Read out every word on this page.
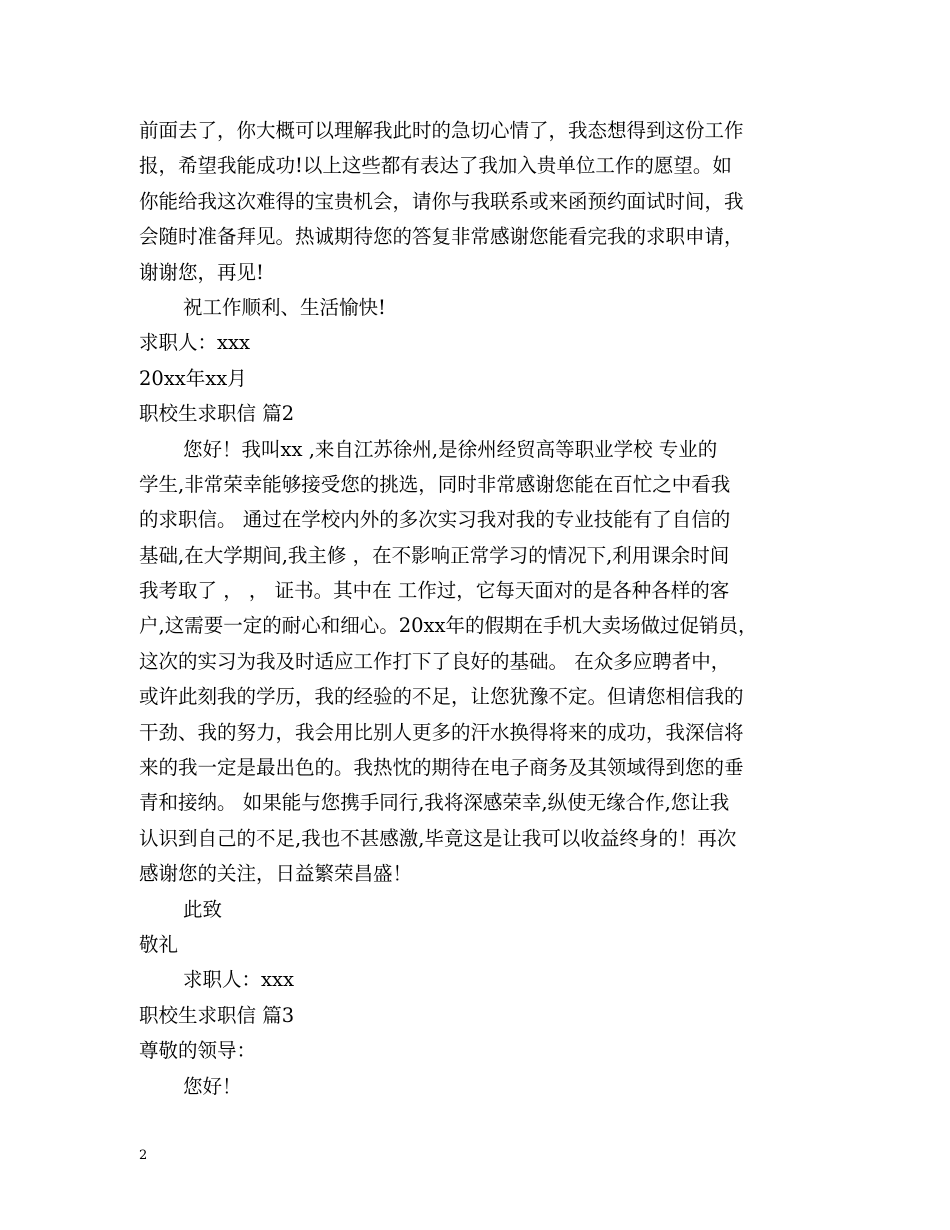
前面去了，你大概可以理解我此时的急切心情了，我态想得到这份工作
报，希望我能成功!以上这些都有表达了我加入贵单位工作的愿望。如
你能给我这次难得的宝贵机会，请你与我联系或来函预约面试时间，我
会随时准备拜见。热诚期待您的答复非常感谢您能看完我的求职申请，
谢谢您，再见!
祝工作顺利、生活愉快!
求职人：xxx
20xx年xx月
职校生求职信 篇2
您好！我叫xx ,来自江苏徐州,是徐州经贸高等职业学校 专业的
学生,非常荣幸能够接受您的挑选，同时非常感谢您能在百忙之中看我
的求职信。 通过在学校内外的多次实习我对我的专业技能有了自信的
基础,在大学期间,我主修 ，在不影响正常学习的情况下,利用课余时间
我考取了 ， ， 证书。其中在 工作过，它每天面对的是各种各样的客
户,这需要一定的耐心和细心。20xx年的假期在手机大卖场做过促销员，
这次的实习为我及时适应工作打下了良好的基础。 在众多应聘者中，
或许此刻我的学历，我的经验的不足，让您犹豫不定。但请您相信我的
干劲、我的努力，我会用比别人更多的汗水换得将来的成功，我深信将
来的我一定是最出色的。我热忱的期待在电子商务及其领域得到您的垂
青和接纳。 如果能与您携手同行,我将深感荣幸,纵使无缘合作,您让我
认识到自己的不足,我也不甚感激,毕竟这是让我可以收益终身的！再次
感谢您的关注，日益繁荣昌盛！
此致
敬礼
求职人：xxx
职校生求职信 篇3
尊敬的领导：
您好！
2
